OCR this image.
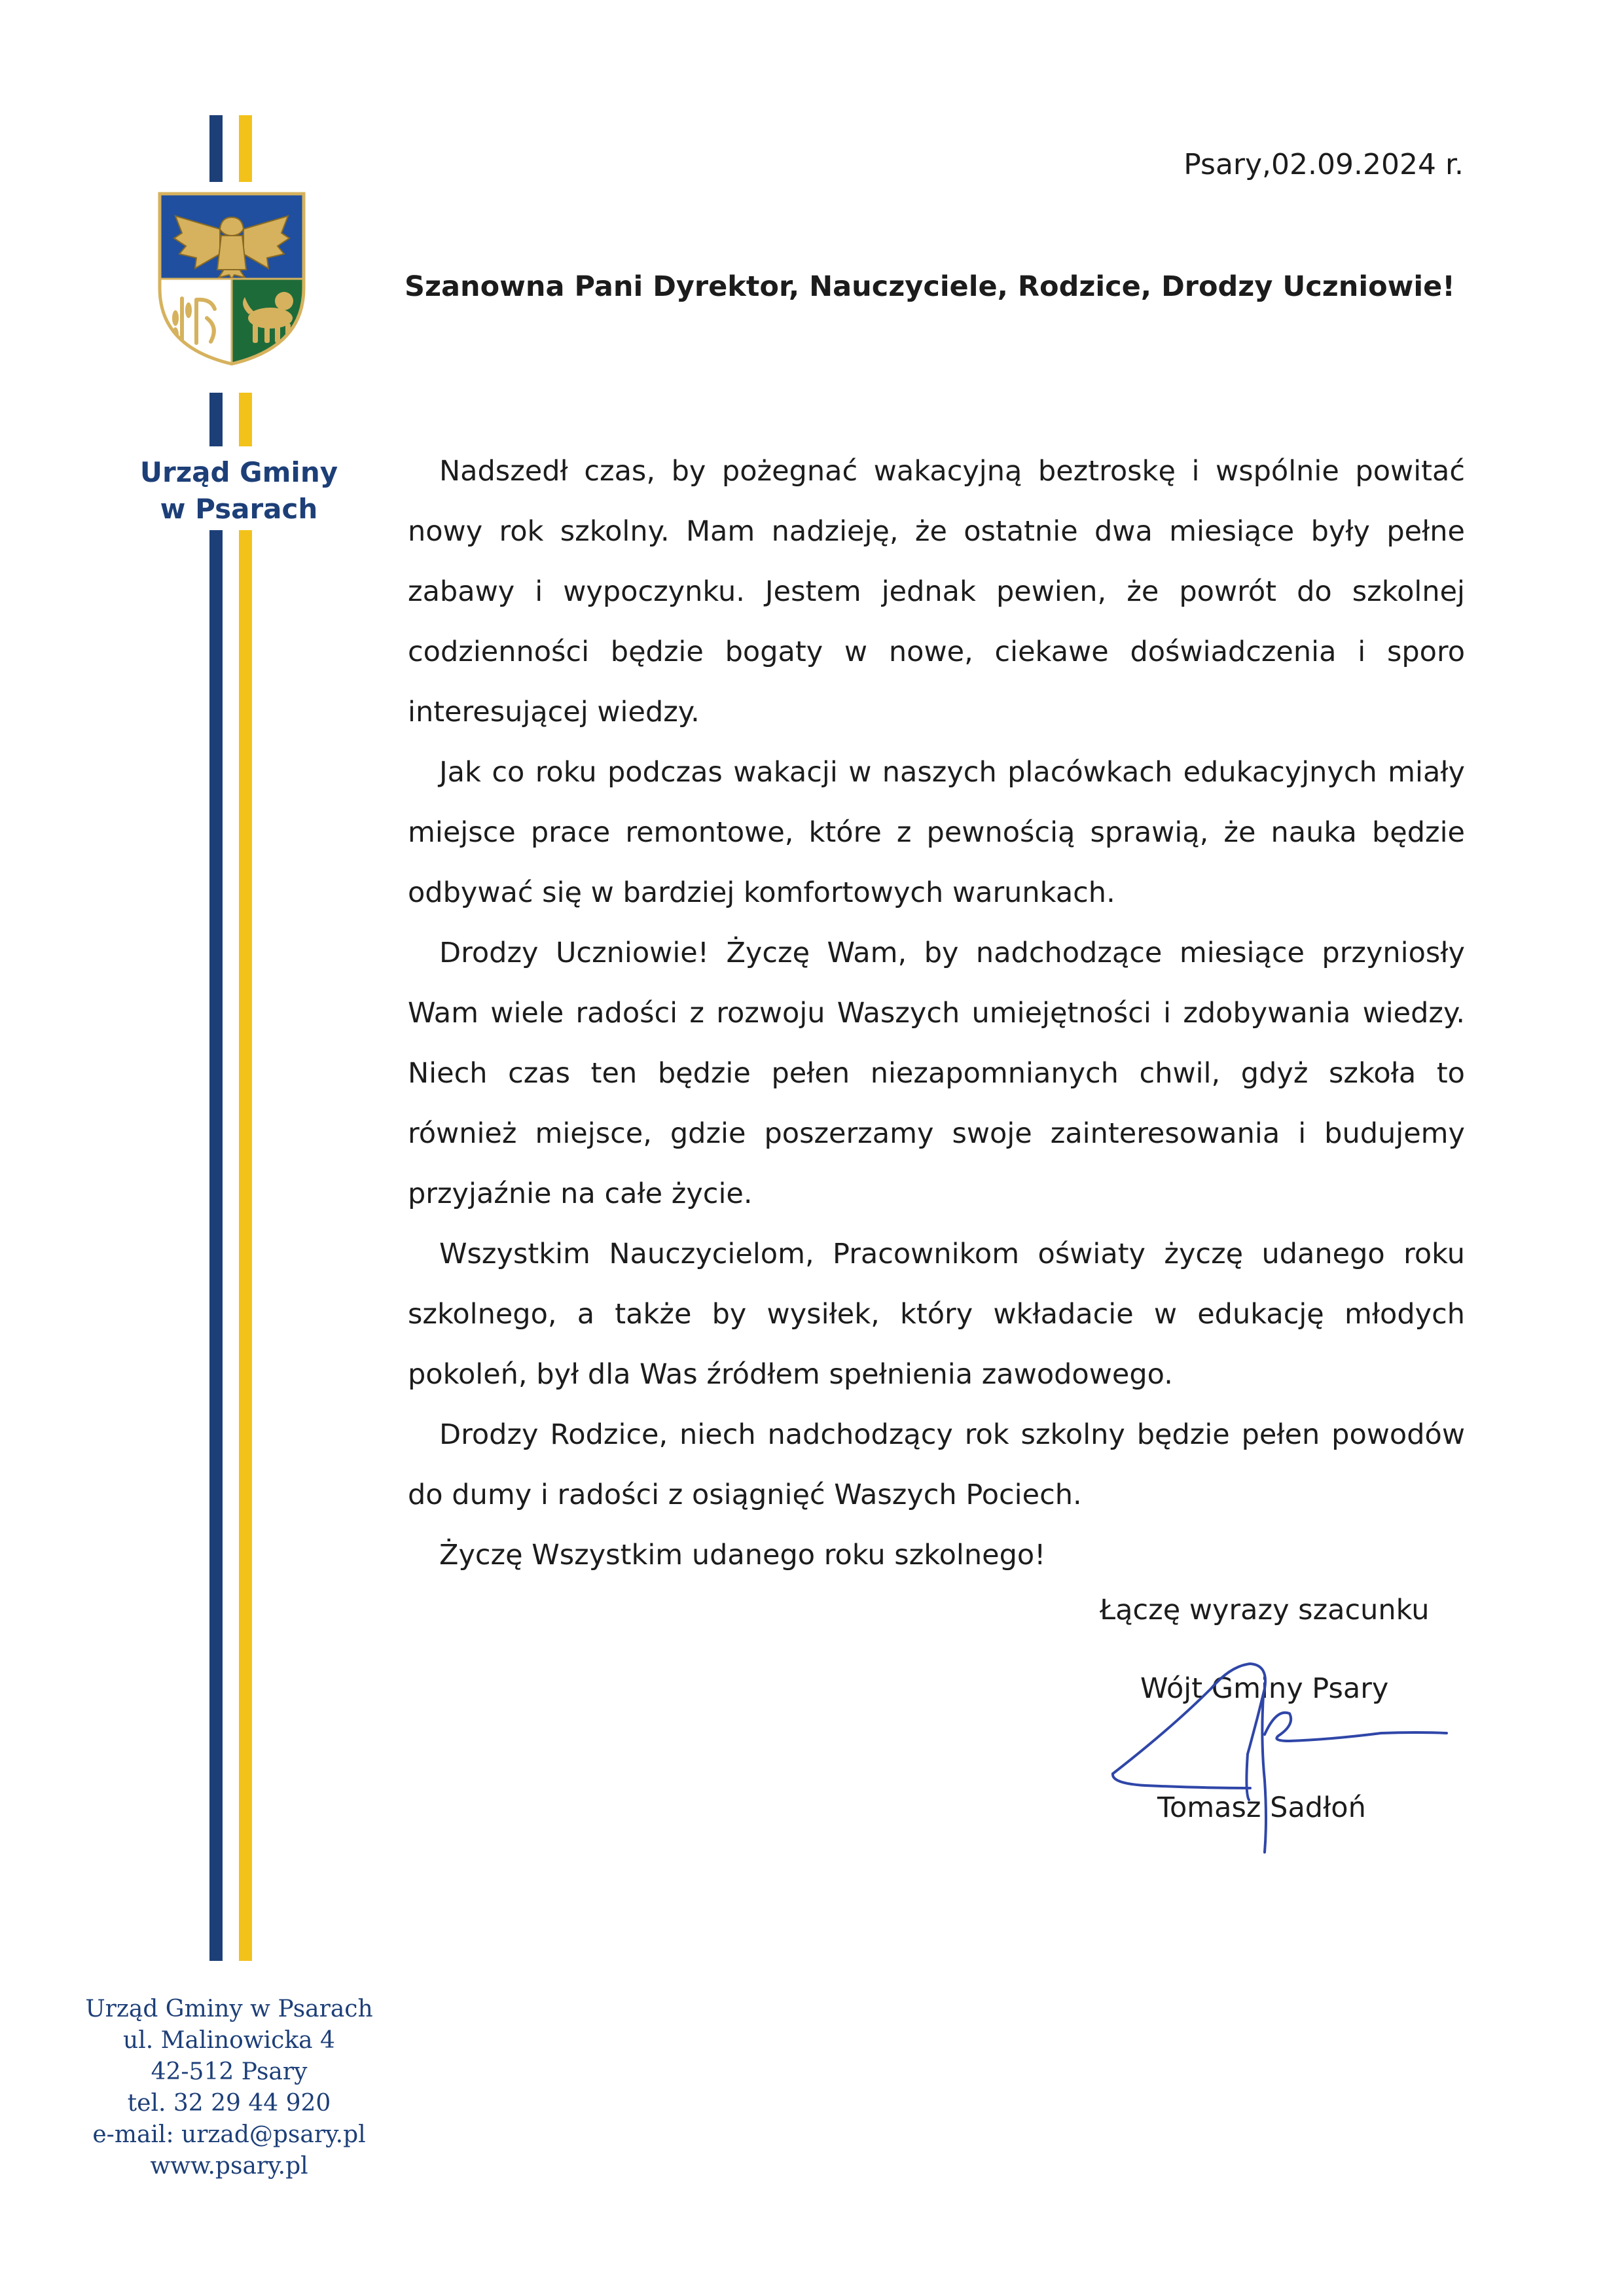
Urząd Gminy
w Psarach
Psary,02.09.2024 r.
Szanowna Pani Dyrektor, Nauczyciele, Rodzice, Drodzy Uczniowie!

Nadszedł czas, by pożegnać wakacyjną beztroskę i wspólnie powitać nowy rok szkolny. Mam nadzieję, że ostatnie dwa miesiące były pełne zabawy i wypoczynku. Jestem jednak pewien, że powrót do szkolnej codzienności będzie bogaty w nowe, ciekawe doświadczenia i sporo interesującej wiedzy.

Jak co roku podczas wakacji w naszych placówkach edukacyjnych miały miejsce prace remontowe, które z pewnością sprawią, że nauka będzie odbywać się w bardziej komfortowych warunkach.

Drodzy Uczniowie! Życzę Wam, by nadchodzące miesiące przyniosły Wam wiele radości z rozwoju Waszych umiejętności i zdobywania wiedzy. Niech czas ten będzie pełen niezapomnianych chwil, gdyż szkoła to również miejsce, gdzie poszerzamy swoje zainteresowania i budujemy przyjaźnie na całe życie.

Wszystkim Nauczycielom, Pracownikom oświaty życzę udanego roku szkolnego, a także by wysiłek, który wkładacie w edukację młodych pokoleń, był dla Was źródłem spełnienia zawodowego.

Drodzy Rodzice, niech nadchodzący rok szkolny będzie pełen powodów do dumy i radości z osiągnięć Waszych Pociech.

Życzę Wszystkim udanego roku szkolnego!

Łączę wyrazy szacunku
Wójt Gminy Psary
Tomasz Sadłoń
Urząd Gminy w Psarach
ul. Malinowicka 4
42-512 Psary
tel. 32 29 44 920
e-mail: urzad@psary.pl
www.psary.pl
